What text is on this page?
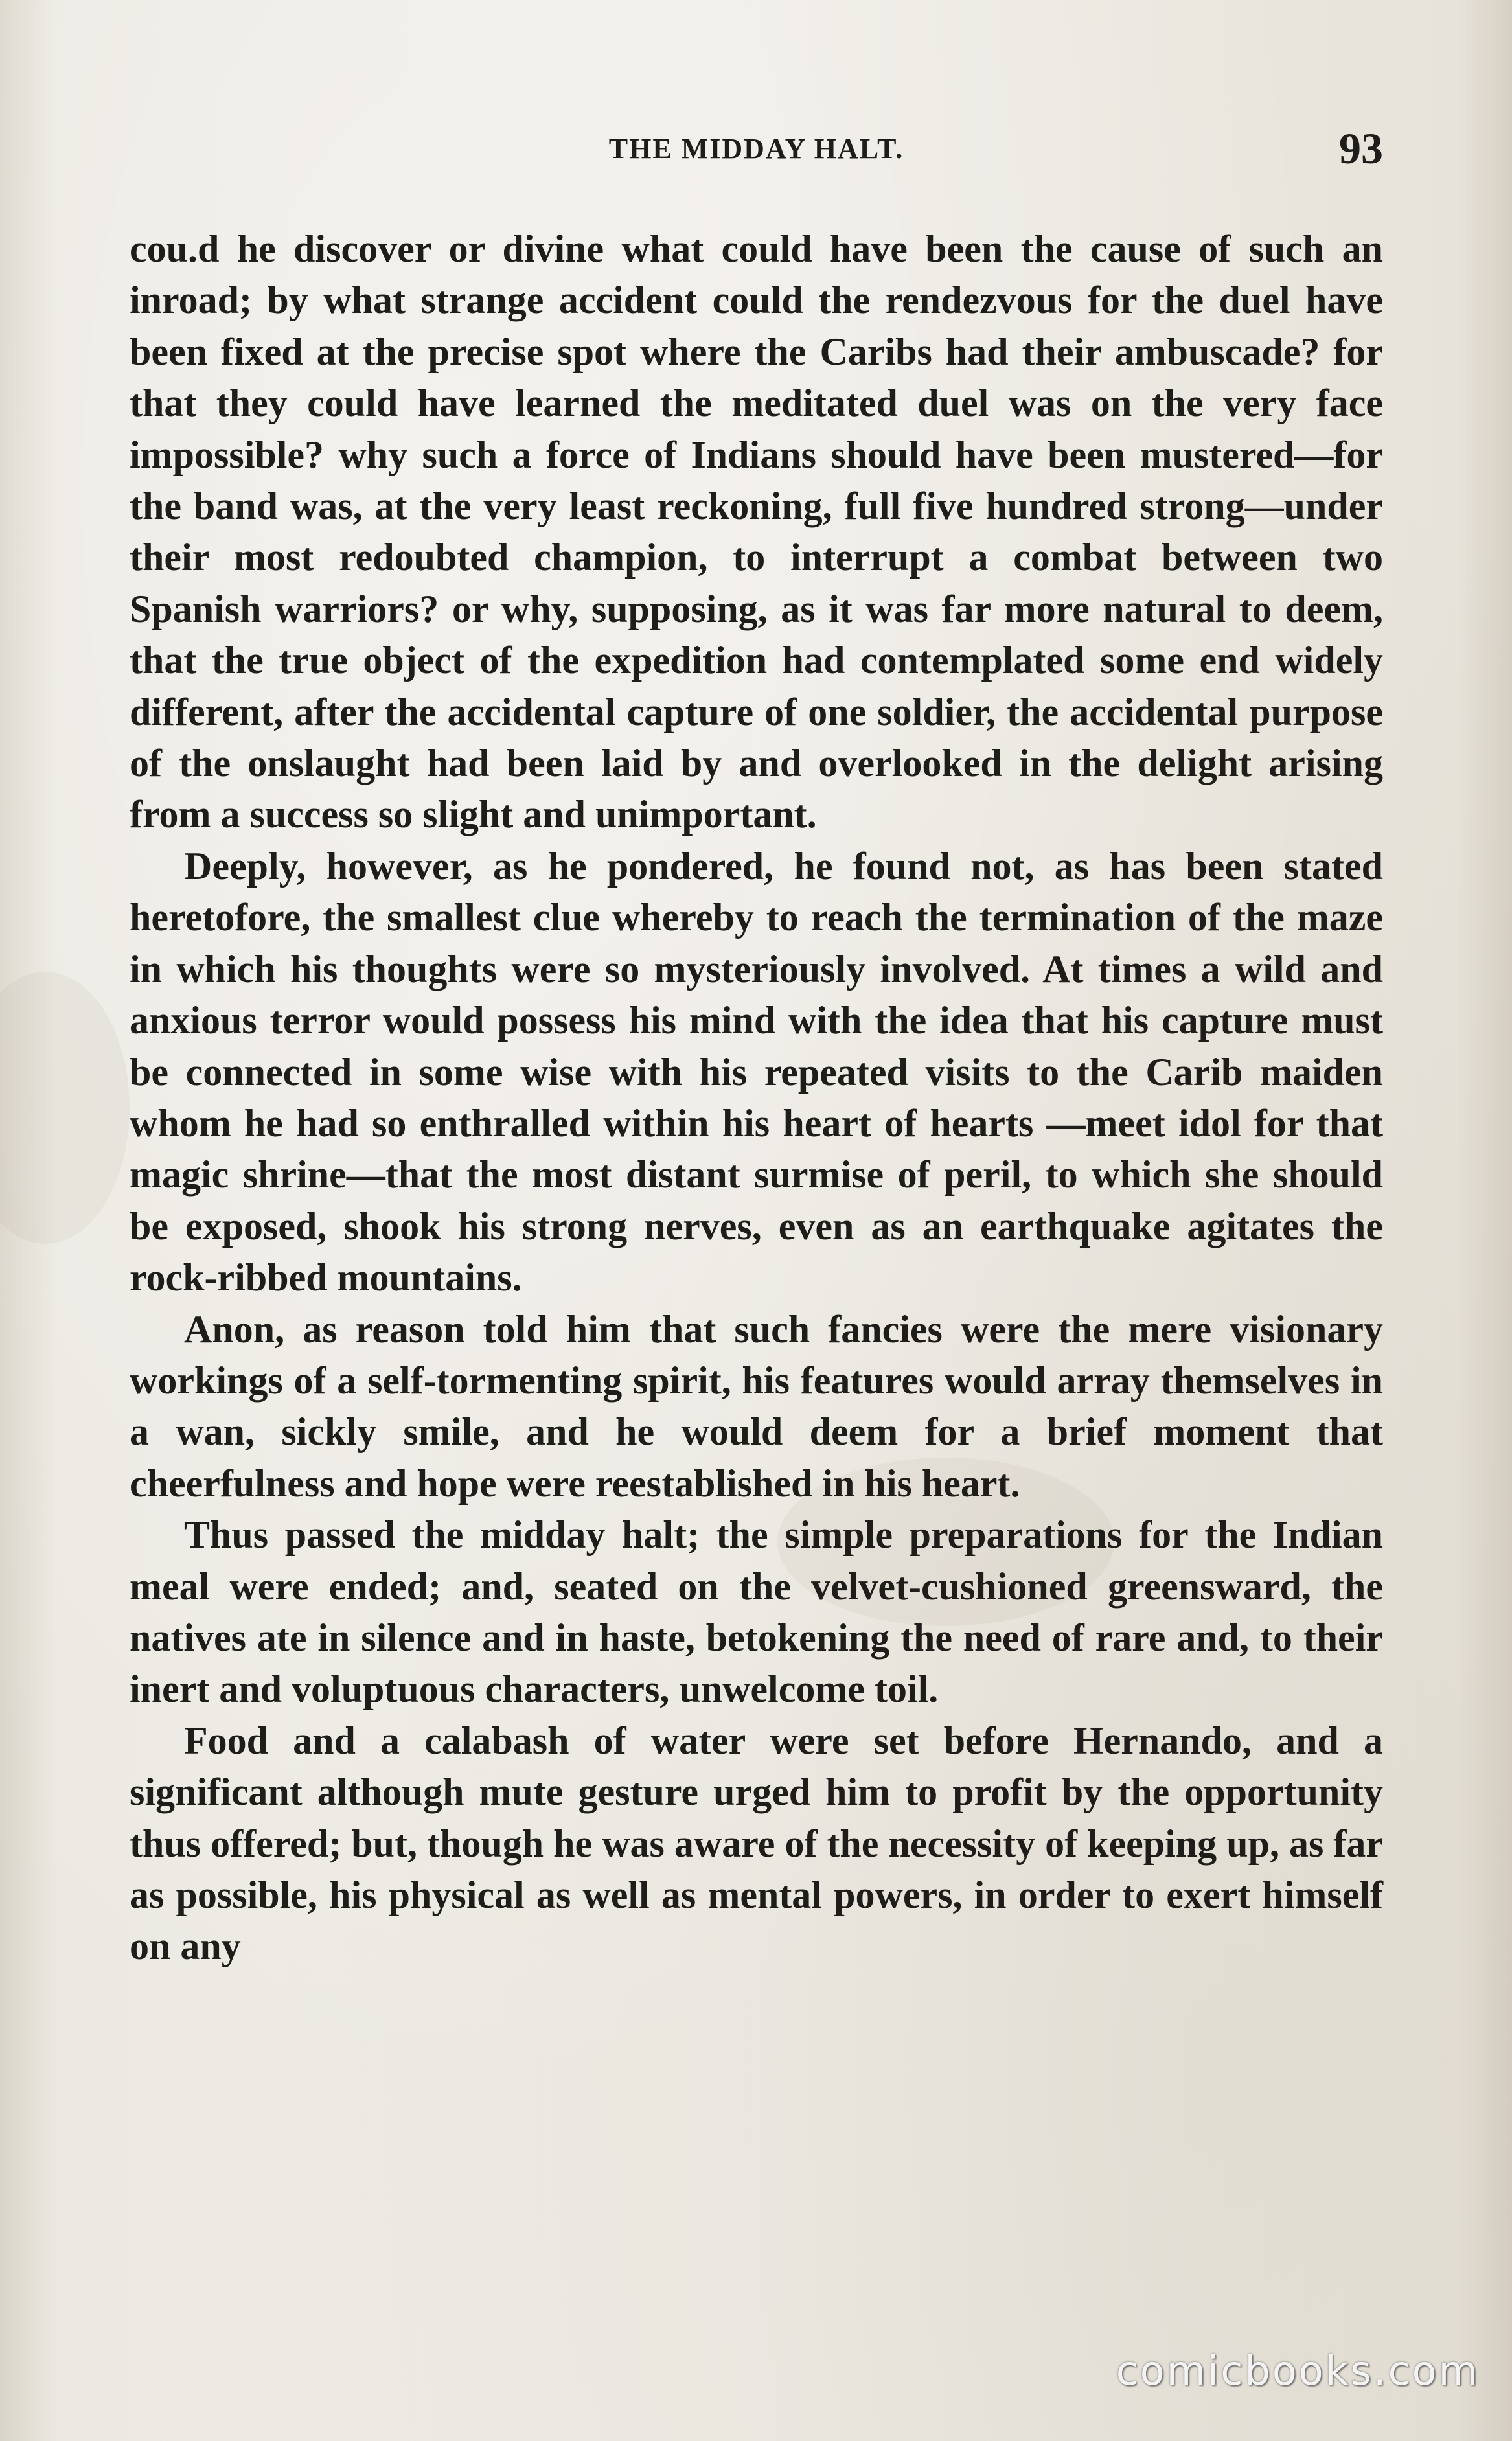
THE MIDDAY HALT.	93

cou.d he discover or divine what could have been the cause of such an inroad; by what strange accident could the rendezvous for the duel have been fixed at the precise spot where the Caribs had their ambuscade? for that they could have learned the meditated duel was on the very face impossible? why such a force of Indians should have been mustered—for the band was, at the very least reckoning, full five hundred strong—under their most redoubted champion, to interrupt a combat between two Spanish warriors? or why, supposing, as it was far more natural to deem, that the true object of the expedition had contemplated some end widely different, after the accidental capture of one soldier, the accidental purpose of the onslaught had been laid by and overlooked in the delight arising from a success so slight and unimportant.

Deeply, however, as he pondered, he found not, as has been stated heretofore, the smallest clue whereby to reach the termination of the maze in which his thoughts were so mysteriously involved. At times a wild and anxious terror would possess his mind with the idea that his capture must be connected in some wise with his repeated visits to the Carib maiden whom he had so enthralled within his heart of hearts —meet idol for that magic shrine—that the most distant surmise of peril, to which she should be exposed, shook his strong nerves, even as an earthquake agitates the rock-ribbed mountains.

Anon, as reason told him that such fancies were the mere visionary workings of a self-tormenting spirit, his features would array themselves in a wan, sickly smile, and he would deem for a brief moment that cheerfulness and hope were reestablished in his heart.

Thus passed the midday halt; the simple preparations for the Indian meal were ended; and, seated on the velvet-cushioned greensward, the natives ate in silence and in haste, betokening the need of rare and, to their inert and voluptuous characters, unwelcome toil.

Food and a calabash of water were set before Hernando, and a significant although mute gesture urged him to profit by the opportunity thus offered; but, though he was aware of the necessity of keeping up, as far as possible, his physical as well as mental powers, in order to exert himself on any

comicbooks.com
